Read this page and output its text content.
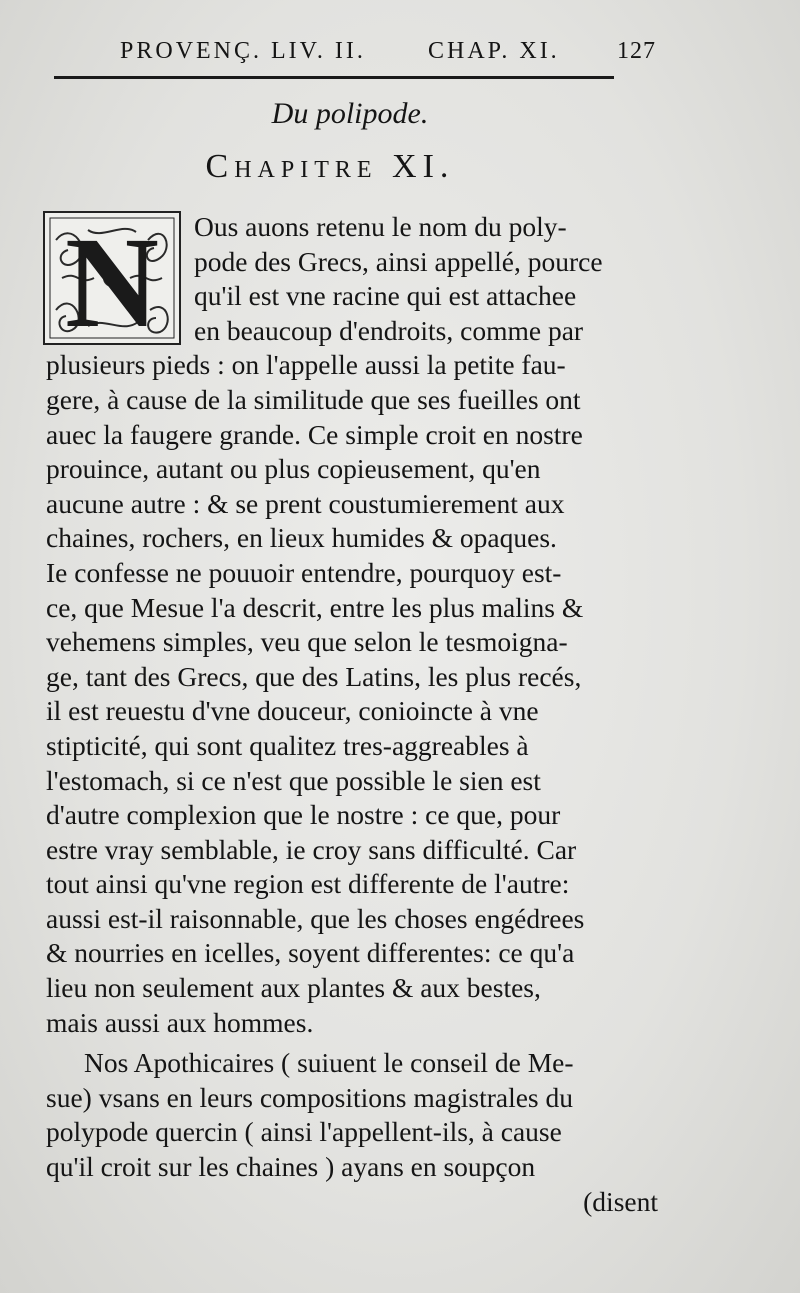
PROVENÇ. LIV. II.	CHAP. XI. 127
Du polipode.
Chapitre XI.
N	Ous auons retenu le nom du poly-
pode des Grecs, ainsi appellé, pource
qu'il est vne racine qui est attachee
en beaucoup d'endroits, comme par
plusieurs pieds : on l'appelle aussi la petite fau-
gere, à cause de la similitude que ses fueilles ont
auec la faugere grande. Ce simple croit en nostre
prouince, autant ou plus copieusement, qu'en
aucune autre : & se prent coustumierement aux
chaines, rochers, en lieux humides & opaques.
Ie confesse ne pouuoir entendre, pourquoy est-
ce, que Mesue l'a descrit, entre les plus malins &
vehemens simples, veu que selon le tesmoigna-
ge, tant des Grecs, que des Latins, les plus recés,
il est reuestu d'vne douceur, conioincte à vne
stipticité, qui sont qualitez tres-aggreables à
l'estomach, si ce n'est que possible le sien est
d'autre complexion que le nostre : ce que, pour
estre vray semblable, ie croy sans difficulté. Car
tout ainsi qu'vne region est differente de l'autre:
aussi est-il raisonnable, que les choses engédrees
& nourries en icelles, soyent differentes: ce qu'a
lieu non seulement aux plantes & aux bestes,
mais aussi aux hommes.
Nos Apothicaires ( suiuent le conseil de Me-
sue) vsans en leurs compositions magistrales du
polypode quercin ( ainsi l'appellent-ils, à cause
qu'il croit sur les chaines ) ayans en soupçon
(disent
